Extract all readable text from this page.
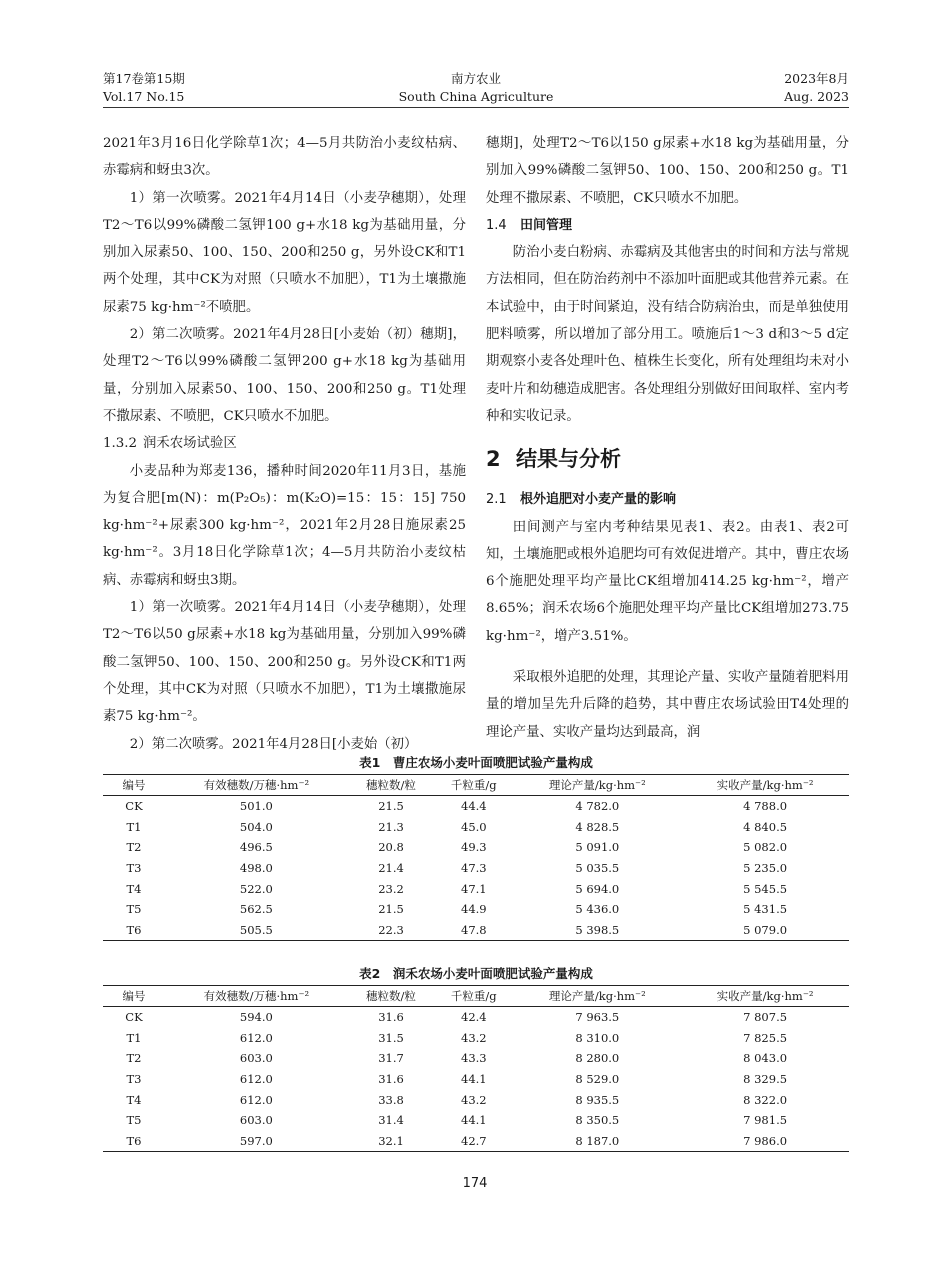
第17卷第15期
Vol.17 No.15
南方农业
South China Agriculture
2023年8月
Aug. 2023

2021年3月16日化学除草1次；4—5月共防治小麦纹枯病、赤霉病和蚜虫3次。

1）第一次喷雾。2021年4月14日（小麦孕穗期），处理T2～T6以99%磷酸二氢钾100 g+水18 kg为基础用量，分别加入尿素50、100、150、200和250 g，另外设CK和T1两个处理，其中CK为对照（只喷水不加肥），T1为土壤撒施尿素75 kg·hm⁻²不喷肥。

2）第二次喷雾。2021年4月28日[小麦始（初）穗期]，处理T2～T6以99%磷酸二氢钾200 g+水18 kg为基础用量，分别加入尿素50、100、150、200和250 g。T1处理不撒尿素、不喷肥，CK只喷水不加肥。

1.3.2 润禾农场试验区

小麦品种为郑麦136，播种时间2020年11月3日，基施为复合肥[m(N)：m(P₂O₅)：m(K₂O)=15：15：15] 750 kg·hm⁻²+尿素300 kg·hm⁻²，2021年2月28日施尿素25 kg·hm⁻²。3月18日化学除草1次；4—5月共防治小麦纹枯病、赤霉病和蚜虫3期。

1）第一次喷雾。2021年4月14日（小麦孕穗期），处理T2～T6以50 g尿素+水18 kg为基础用量，分别加入99%磷酸二氢钾50、100、150、200和250 g。另外设CK和T1两个处理，其中CK为对照（只喷水不加肥），T1为土壤撒施尿素75 kg·hm⁻²。

2）第二次喷雾。2021年4月28日[小麦始（初）

穗期]，处理T2～T6以150 g尿素+水18 kg为基础用量，分别加入99%磷酸二氢钾50、100、150、200和250 g。T1处理不撒尿素、不喷肥，CK只喷水不加肥。

1.4 田间管理

防治小麦白粉病、赤霉病及其他害虫的时间和方法与常规方法相同，但在防治药剂中不添加叶面肥或其他营养元素。在本试验中，由于时间紧迫，没有结合防病治虫，而是单独使用肥料喷雾，所以增加了部分用工。喷施后1～3 d和3～5 d定期观察小麦各处理叶色、植株生长变化，所有处理组均未对小麦叶片和幼穗造成肥害。各处理组分别做好田间取样、室内考种和实收记录。

2 结果与分析

2.1 根外追肥对小麦产量的影响

田间测产与室内考种结果见表1、表2。由表1、表2可知，土壤施肥或根外追肥均可有效促进增产。其中，曹庄农场6个施肥处理平均产量比CK组增加414.25 kg·hm⁻²，增产8.65%；润禾农场6个施肥处理平均产量比CK组增加273.75 kg·hm⁻²，增产3.51%。

采取根外追肥的处理，其理论产量、实收产量随着肥料用量的增加呈先升后降的趋势，其中曹庄农场试验田T4处理的理论产量、实收产量均达到最高，润

表1　曹庄农场小麦叶面喷肥试验产量构成
编号	有效穗数/万穗·hm⁻²	穗粒数/粒	千粒重/g	理论产量/kg·hm⁻²	实收产量/kg·hm⁻²
CK	501.0	21.5	44.4	4 782.0	4 788.0
T1	504.0	21.3	45.0	4 828.5	4 840.5
T2	496.5	20.8	49.3	5 091.0	5 082.0
T3	498.0	21.4	47.3	5 035.5	5 235.0
T4	522.0	23.2	47.1	5 694.0	5 545.5
T5	562.5	21.5	44.9	5 436.0	5 431.5
T6	505.5	22.3	47.8	5 398.5	5 079.0
表2　润禾农场小麦叶面喷肥试验产量构成
编号	有效穗数/万穗·hm⁻²	穗粒数/粒	千粒重/g	理论产量/kg·hm⁻²	实收产量/kg·hm⁻²
CK	594.0	31.6	42.4	7 963.5	7 807.5
T1	612.0	31.5	43.2	8 310.0	7 825.5
T2	603.0	31.7	43.3	8 280.0	8 043.0
T3	612.0	31.6	44.1	8 529.0	8 329.5
T4	612.0	33.8	43.2	8 935.5	8 322.0
T5	603.0	31.4	44.1	8 350.5	7 981.5
T6	597.0	32.1	42.7	8 187.0	7 986.0
174
